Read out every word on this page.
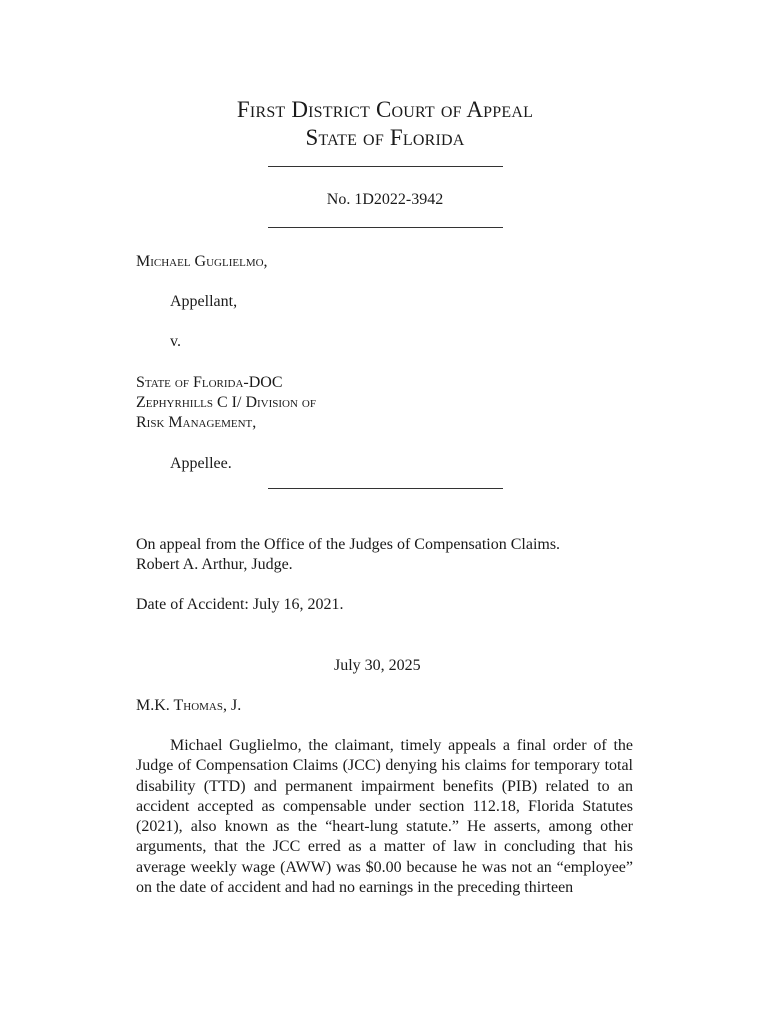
First District Court of Appeal
State of Florida
No. 1D2022-3942
Michael Guglielmo,
Appellant,
v.
State of Florida-DOC
Zephyrhills C I/ Division of
Risk Management,
Appellee.
On appeal from the Office of the Judges of Compensation Claims.
Robert A. Arthur, Judge.
Date of Accident: July 16, 2021.
July 30, 2025
M.K. Thomas, J.

Michael Guglielmo, the claimant, timely appeals a final order of the Judge of Compensation Claims (JCC) denying his claims for temporary total disability (TTD) and permanent impairment benefits (PIB) related to an accident accepted as compensable under section 112.18, Florida Statutes (2021), also known as the “heart-lung statute.” He asserts, among other arguments, that the JCC erred as a matter of law in concluding that his average weekly wage (AWW) was $0.00 because he was not an “employee” on the date of accident and had no earnings in the preceding thirteen
